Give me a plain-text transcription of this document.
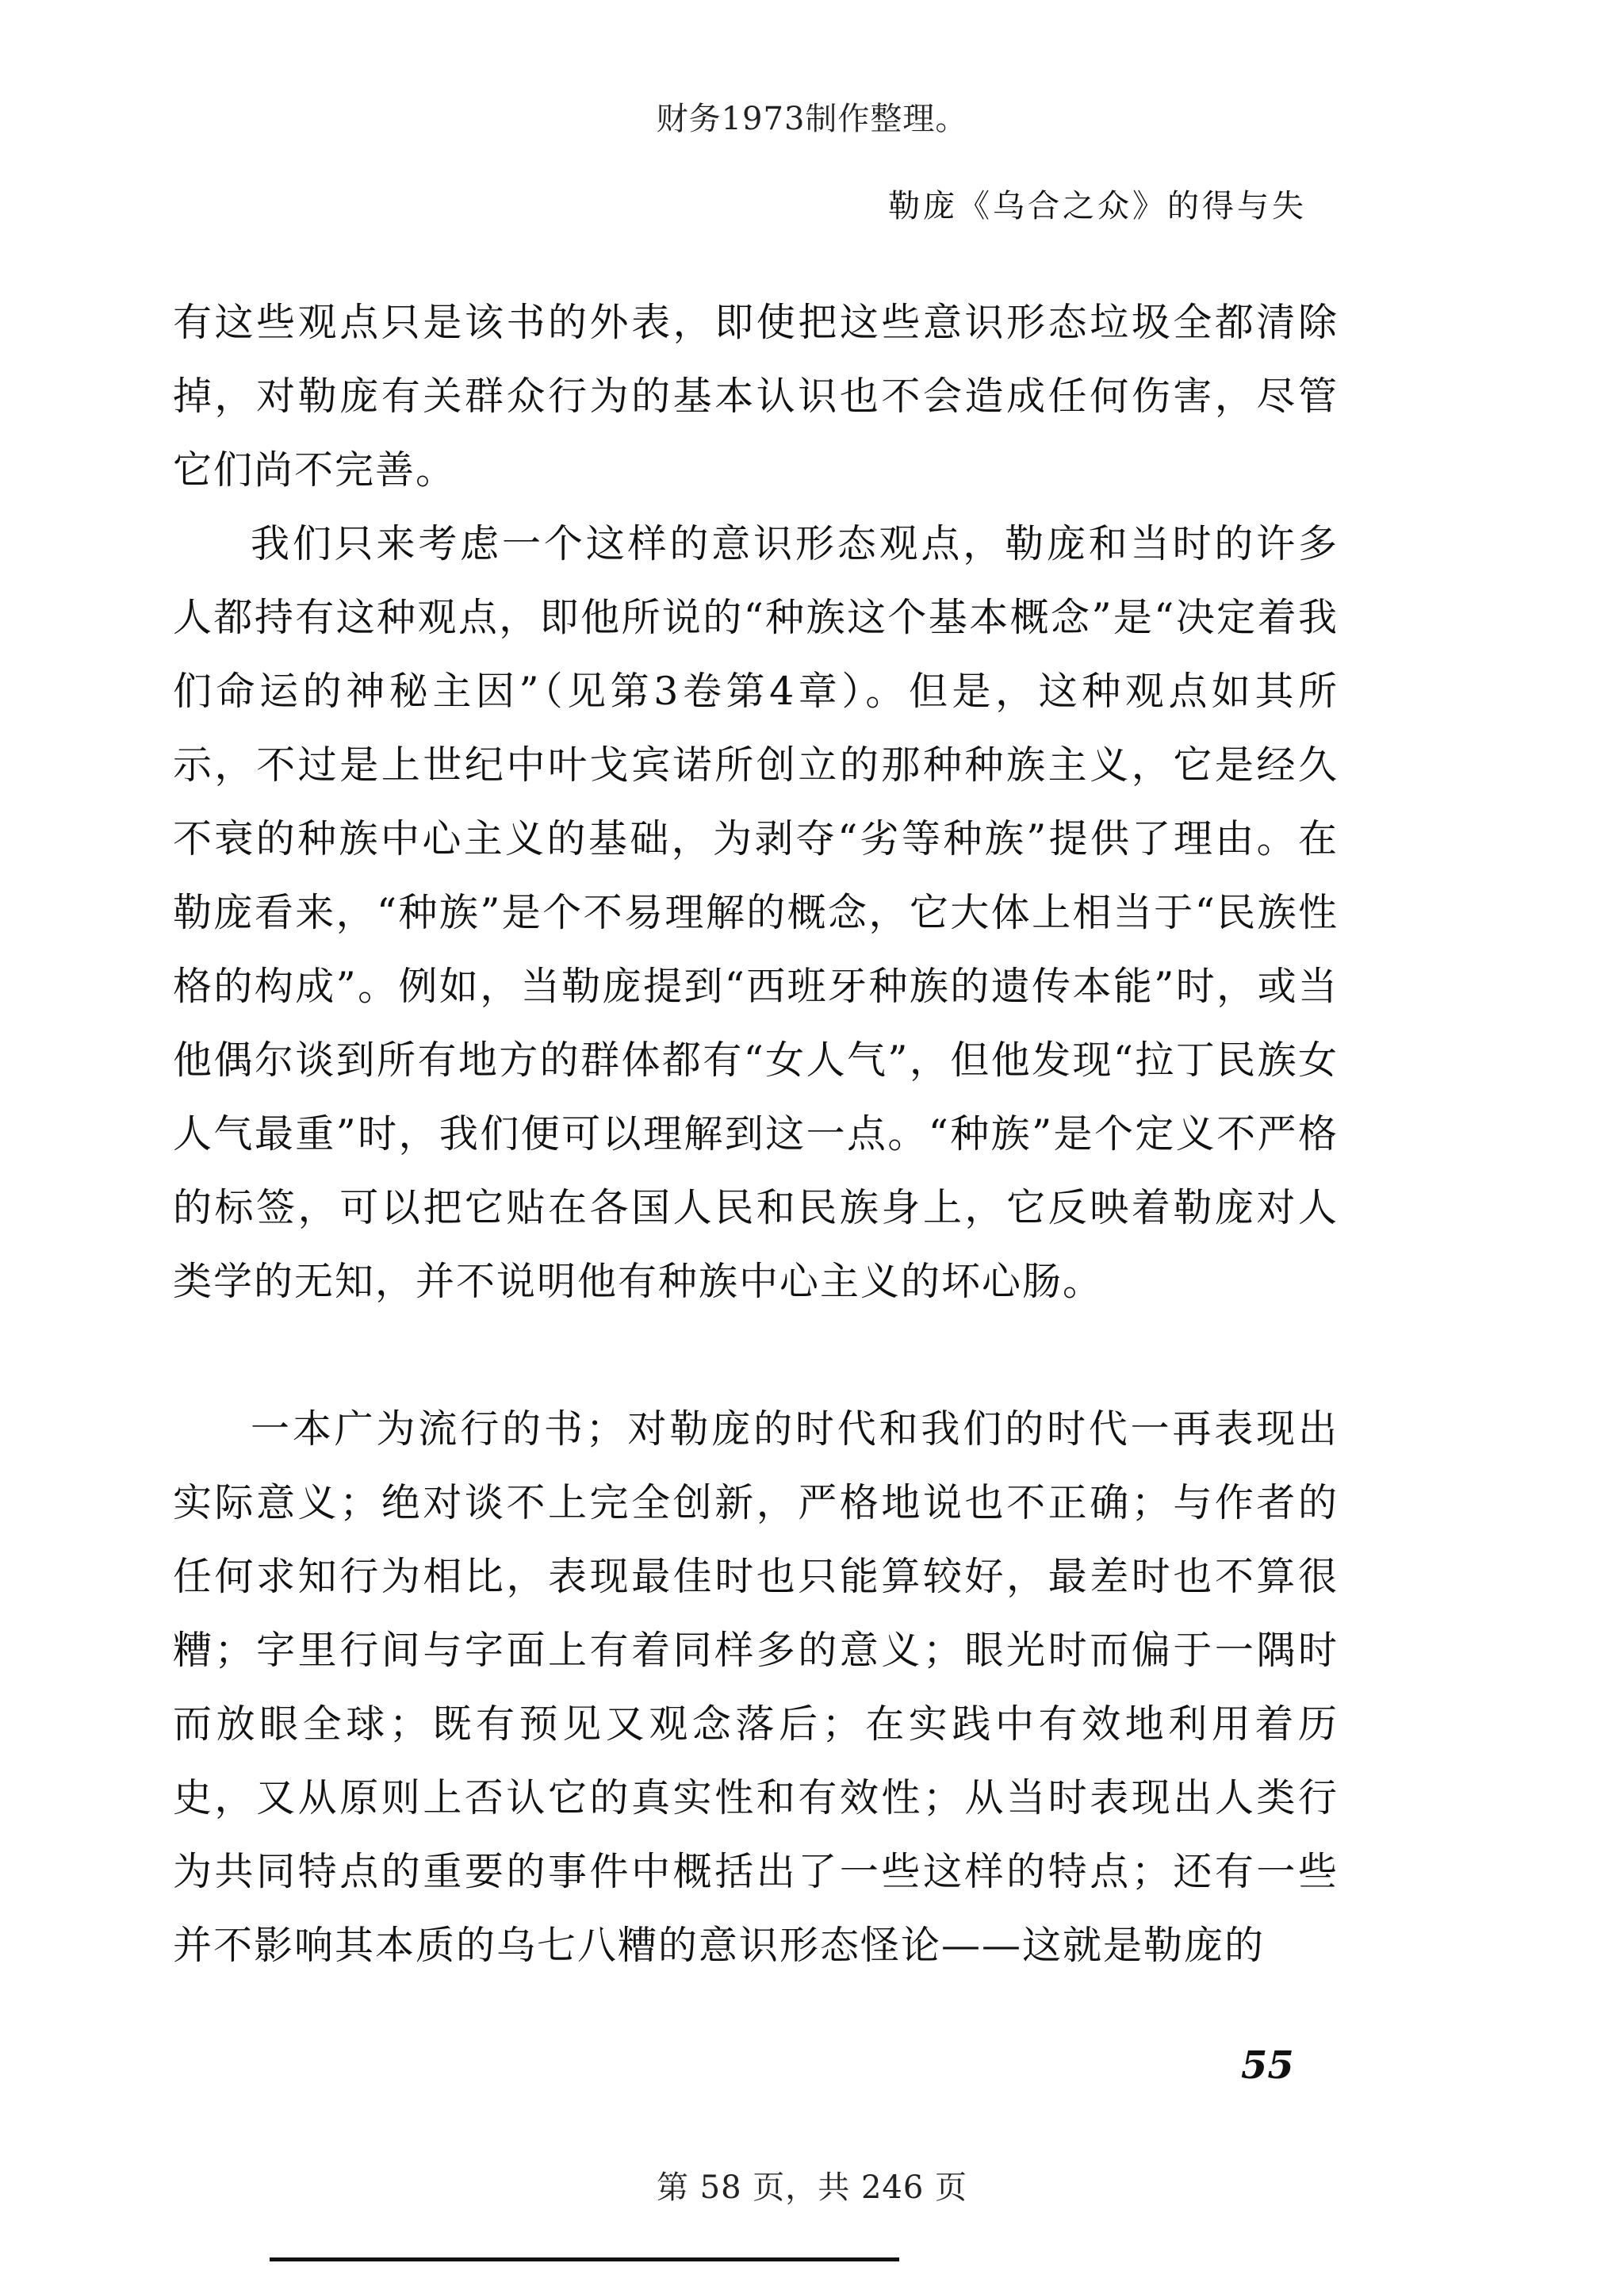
财务1973制作整理。
勒庞《乌合之众》的得与失

有这些观点只是该书的外表，即使把这些意识形态垃圾全都清除掉，对勒庞有关群众行为的基本认识也不会造成任何伤害，尽管它们尚不完善。

我们只来考虑一个这样的意识形态观点，勒庞和当时的许多人都持有这种观点，即他所说的“种族这个基本概念”是“决定着我们命运的神秘主因”（见第3卷第4章）。但是，这种观点如其所示，不过是上世纪中叶戈宾诺所创立的那种种族主义，它是经久不衰的种族中心主义的基础，为剥夺“劣等种族”提供了理由。在勒庞看来，“种族”是个不易理解的概念，它大体上相当于“民族性格的构成”。例如，当勒庞提到“西班牙种族的遗传本能”时，或当他偶尔谈到所有地方的群体都有“女人气”，但他发现“拉丁民族女人气最重”时，我们便可以理解到这一点。“种族”是个定义不严格的标签，可以把它贴在各国人民和民族身上，它反映着勒庞对人类学的无知，并不说明他有种族中心主义的坏心肠。

一本广为流行的书；对勒庞的时代和我们的时代一再表现出实际意义；绝对谈不上完全创新，严格地说也不正确；与作者的任何求知行为相比，表现最佳时也只能算较好，最差时也不算很糟；字里行间与字面上有着同样多的意义；眼光时而偏于一隅时而放眼全球；既有预见又观念落后；在实践中有效地利用着历史，又从原则上否认它的真实性和有效性；从当时表现出人类行为共同特点的重要的事件中概括出了一些这样的特点；还有一些并不影响其本质的乌七八糟的意识形态怪论——这就是勒庞的

55
第 58 页，共 246 页
